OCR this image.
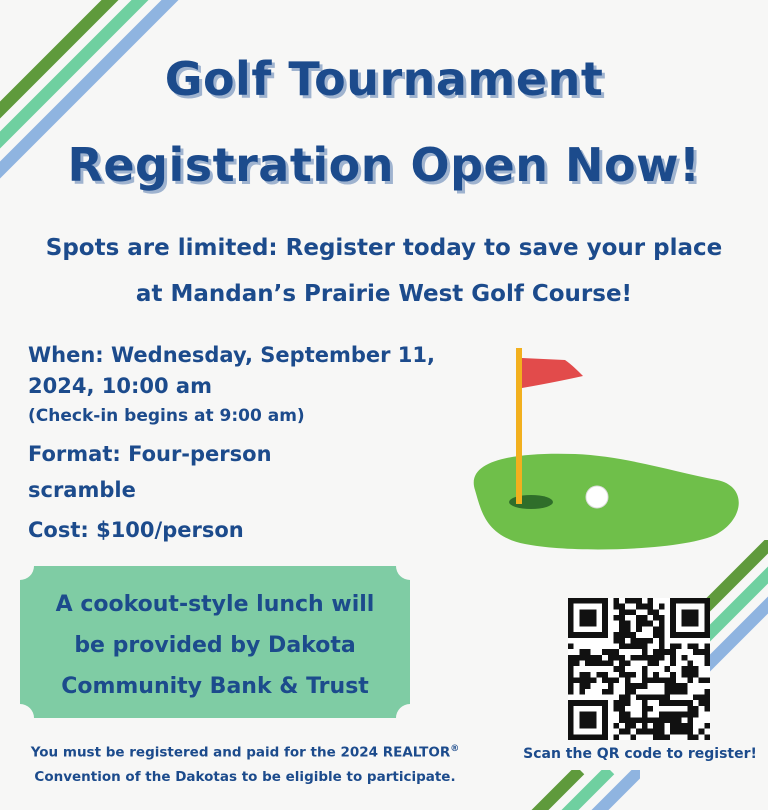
Golf Tournament
Registration Open Now!
Spots are limited: Register today to save your place at Mandan’s Prairie West Golf Course!
When: Wednesday, September 11, 2024, 10:00 am
(Check-in begins at 9:00 am)
Format: Four-person scramble
Cost: $100/person
A cookout-style lunch will be provided by Dakota Community Bank & Trust
Scan the QR code to register!
You must be registered and paid for the 2024 REALTOR® Convention of the Dakotas to be eligible to participate.
